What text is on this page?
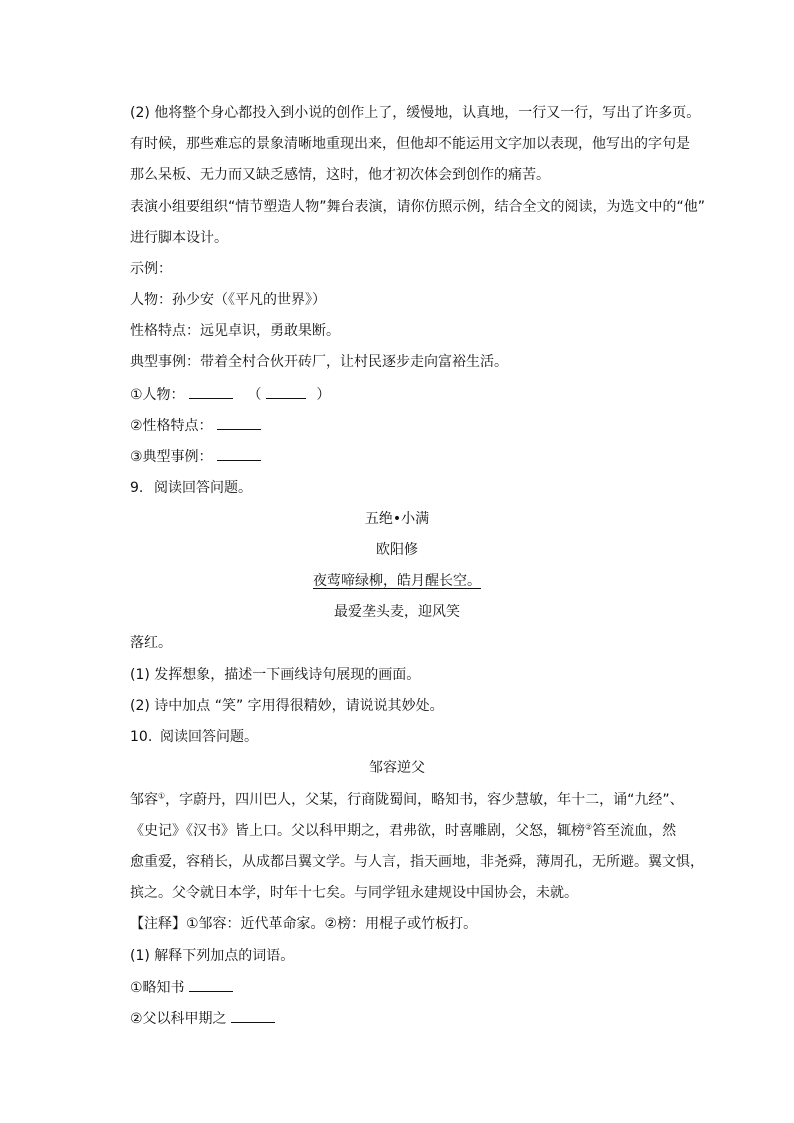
(2) 他将整个身心都投入到小说的创作上了，缓慢地，认真地，一行又一行，写出了许多页。
有时候，那些难忘的景象清晰地重现出来，但他却不能运用文字加以表现，他写出的字句是
那么呆板、无力而又缺乏感情，这时，他才初次体会到创作的痛苦。
表演小组要组织“情节塑造人物”舞台表演，请你仿照示例，结合全文的阅读，为选文中的“他”
进行脚本设计。
示例：
人物：孙少安（《平凡的世界》）
性格特点：远见卓识，勇敢果断。
典型事例：带着全村合伙开砖厂，让村民逐步走向富裕生活。
①人物：	（	）
②性格特点：
③典型事例：
9. 阅读回答问题。
五绝•小满
欧阳修
夜莺啼绿柳，皓月醒长空。
最爱垄头麦，迎风笑
落红。
(1) 发挥想象，描述一下画线诗句展现的画面。
(2) 诗中加点 “笑” 字用得很精妙，请说说其妙处。
10. 阅读回答问题。
邹容逆父
邹容①，字蔚丹，四川巴人，父某，行商陇蜀间，略知书，容少慧敏，年十二，诵“九经”、
《史记》《汉书》皆上口。父以科甲期之，君弗欲，时喜雕剧，父怒，辄榜②笞至流血，然
愈重爱，容稍长，从成都吕翼文学。与人言，指天画地，非尧舜，薄周孔，无所避。翼文惧，
摈之。父令就日本学，时年十七矣。与同学钮永建规设中国协会，未就。
【注释】①邹容：近代革命家。②榜：用棍子或竹板打。
(1) 解释下列加点的词语。
①略知书
②父以科甲期之
